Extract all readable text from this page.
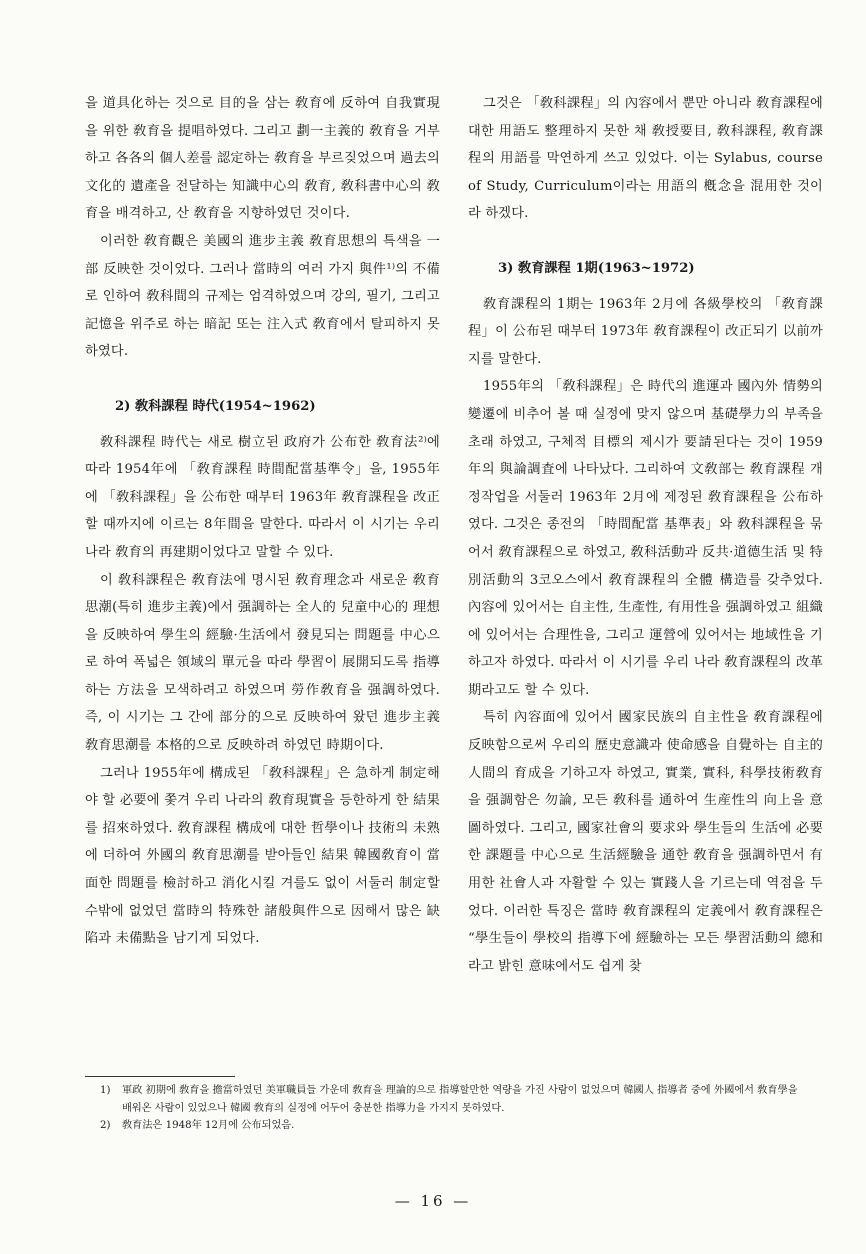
을 道具化하는 것으로 目的을 삼는 敎育에 反하여 自我實現을 위한 敎育을 提唱하였다. 그리고 劃一主義的 敎育을 거부하고 各各의 個人差를 認定하는 敎育을 부르짖었으며 過去의 文化的 遺產을 전달하는 知識中心의 敎育, 敎科書中心의 敎育을 배격하고, 산 敎育을 지향하였던 것이다.

이러한 敎育觀은 美國의 進步主義 敎育思想의 특색을 一部 反映한 것이었다. 그러나 當時의 여러 가지 與件¹⁾의 不備로 인하여 敎科間의 규제는 엄격하였으며 강의, 필기, 그리고 記憶을 위주로 하는 暗記 또는 注入式 敎育에서 탈피하지 못하였다.

2) 敎科課程 時代(1954~1962)

敎科課程 時代는 새로 樹立된 政府가 公布한 敎育法²⁾에 따라 1954年에 「敎育課程 時間配當基準令」을, 1955年에 「敎科課程」을 公布한 때부터 1963年 敎育課程을 改正할 때까지에 이르는 8年間을 말한다. 따라서 이 시기는 우리나라 敎育의 再建期이었다고 말할 수 있다.

이 敎科課程은 敎育法에 명시된 敎育理念과 새로운 敎育思潮(특히 進步主義)에서 强調하는 全人的 兒童中心的 理想을 反映하여 學生의 經驗·生活에서 發見되는 問題를 中心으로 하여 폭넓은 領域의 單元을 따라 學習이 展開되도록 指導하는 方法을 모색하려고 하였으며 勞作敎育을 强調하였다. 즉, 이 시기는 그 간에 部分的으로 反映하여 왔던 進步主義 敎育思潮를 本格的으로 反映하려 하였던 時期이다.

그러나 1955年에 構成된 「敎科課程」은 急하게 制定해야 할 必要에 쫓겨 우리 나라의 敎育現實을 등한하게 한 結果를 招來하였다. 敎育課程 構成에 대한 哲學이나 技術의 未熟에 더하여 外國의 敎育思潮를 받아들인 結果 韓國敎育이 當面한 問題를 檢討하고 消化시킬 겨를도 없이 서둘러 制定할 수밖에 없었던 當時의 特殊한 諸般與件으로 因해서 많은 缺陷과 未備點을 남기게 되었다.

그것은 「敎科課程」의 內容에서 뿐만 아니라 敎育課程에 대한 用語도 整理하지 못한 채 敎授要目, 敎科課程, 敎育課程의 用語를 막연하게 쓰고 있었다. 이는 Sylabus, course of Study, Curriculum이라는 用語의 槪念을 混用한 것이라 하겠다.

3) 敎育課程 1期(1963~1972)

敎育課程의 1期는 1963年 2月에 各級學校의 「敎育課程」이 公布된 때부터 1973年 敎育課程이 改正되기 以前까지를 말한다.

1955年의 「敎科課程」은 時代의 進運과 國內外 情勢의 變遷에 비추어 볼 때 실정에 맞지 않으며 基礎學力의 부족을 초래 하였고, 구체적 目標의 제시가 要請된다는 것이 1959年의 與論調査에 나타났다. 그리하여 文敎部는 敎育課程 개정작업을 서둘러 1963年 2月에 제정된 敎育課程을 公布하였다. 그것은 종전의 「時間配當 基準表」와 敎科課程을 묶어서 敎育課程으로 하였고, 敎科活動과 反共·道德生活 및 特別活動의 3코오스에서 敎育課程의 全體 構造를 갖추었다. 內容에 있어서는 自主性, 生產性, 有用性을 强調하였고 組織에 있어서는 合理性을, 그리고 運營에 있어서는 地域性을 기하고자 하였다. 따라서 이 시기를 우리 나라 敎育課程의 改革期라고도 할 수 있다.

특히 內容面에 있어서 國家民族의 自主性을 敎育課程에 反映함으로써 우리의 歷史意識과 使命感을 自覺하는 自主的 人間의 育成을 기하고자 하였고, 實業, 實科, 科學技術敎育을 强調함은 勿論, 모든 敎科를 通하여 生産性의 向上을 意圖하였다. 그리고, 國家社會의 要求와 學生들의 生活에 必要한 課題를 中心으로 生活經驗을 通한 敎育을 强調하면서 有用한 社會人과 자활할 수 있는 實踐人을 기르는데 역점을 두었다. 이러한 특징은 當時 敎育課程의 定義에서 敎育課程은 “學生들이 學校의 指導下에 經驗하는 모든 學習活動의 總和라고 밝힌 意味에서도 쉽게 찾

1)	軍政 初期에 敎育을 擔當하였던 美軍職員들 가운데 敎育을 理論的으로 指導할만한 역량을 가진 사람이 없었으며 韓國人 指導者 중에 外國에서 敎育學을 배워온 사람이 있었으나 韓國 敎育의 실정에 어두어 충분한 指導力을 가지지 못하였다.
2)	敎育法은 1948年 12月에 公布되었음.
— 16 —
